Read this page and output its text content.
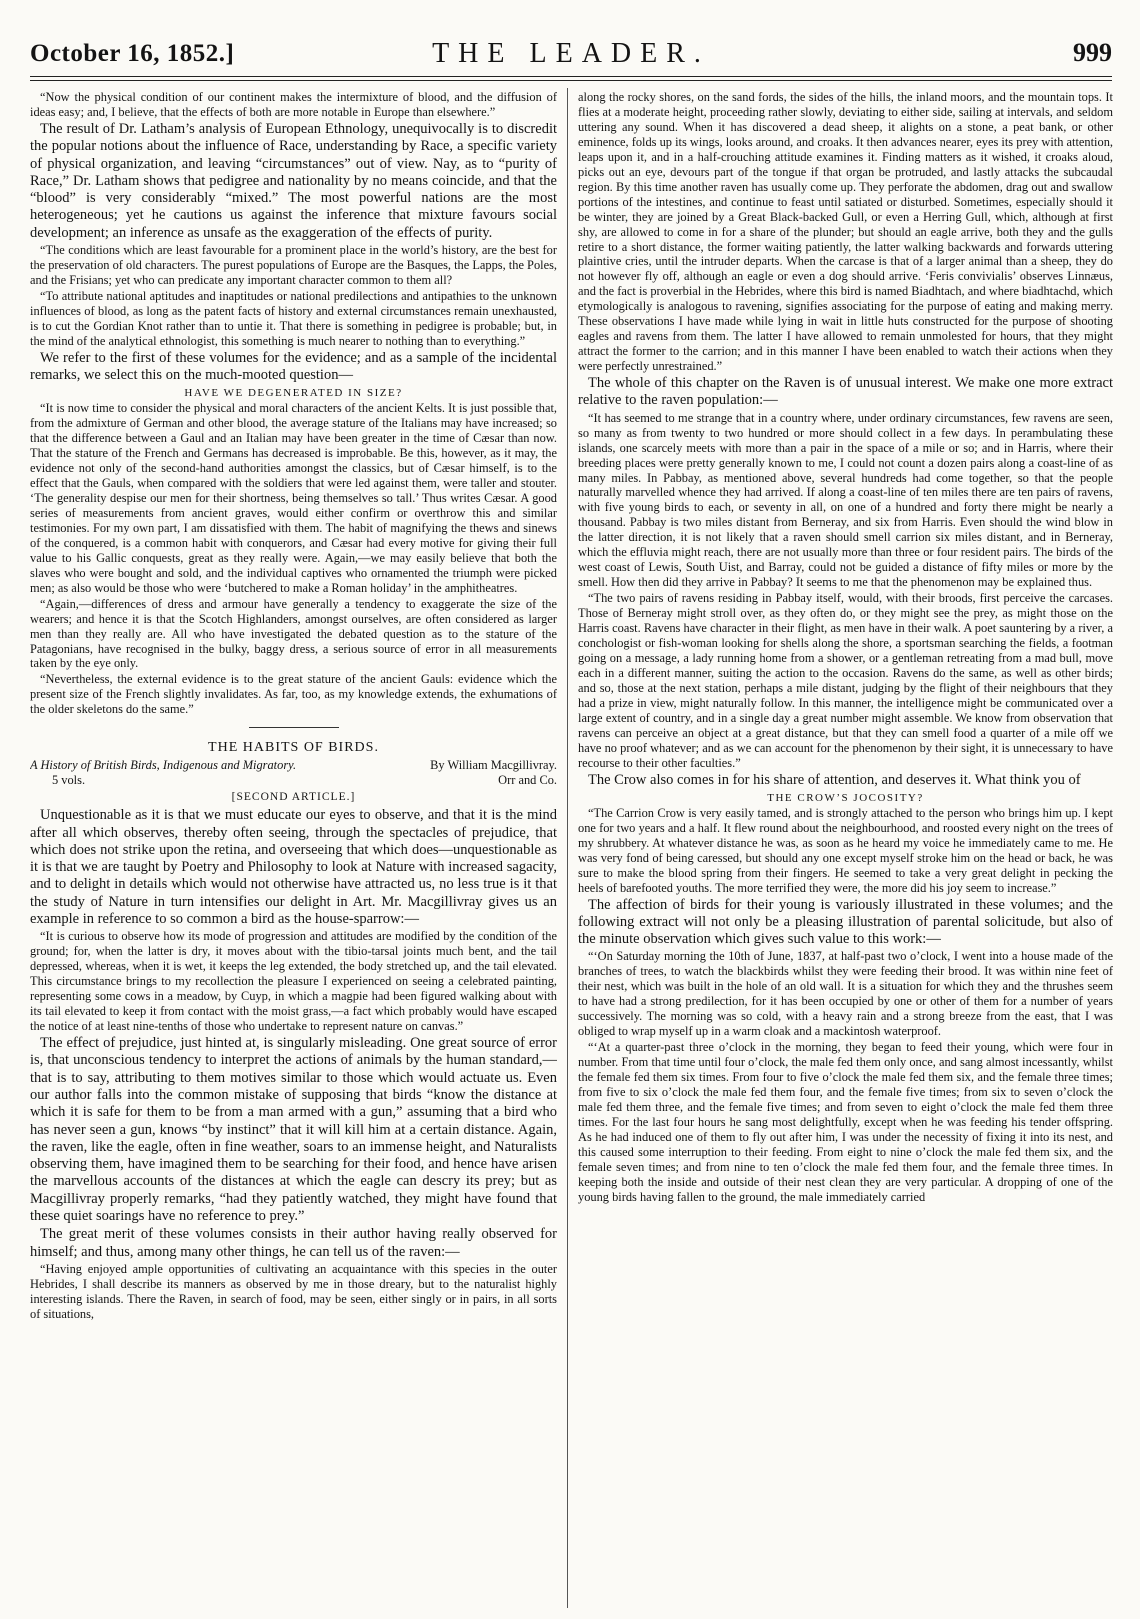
October 16, 1852.]	THE LEADER.	999

“Now the physical condition of our continent makes the intermixture of blood, and the diffusion of ideas easy; and, I believe, that the effects of both are more notable in Europe than elsewhere.”

The result of Dr. Latham’s analysis of European Ethnology, unequivocally is to discredit the popular notions about the influence of Race, understanding by Race, a specific variety of physical organization, and leaving “circumstances” out of view. Nay, as to “purity of Race,” Dr. Latham shows that pedigree and nationality by no means coincide, and that the “blood” is very considerably “mixed.” The most powerful nations are the most heterogeneous; yet he cautions us against the inference that mixture favours social development; an inference as unsafe as the exaggeration of the effects of purity.

“The conditions which are least favourable for a prominent place in the world’s history, are the best for the preservation of old characters. The purest populations of Europe are the Basques, the Lapps, the Poles, and the Frisians; yet who can predicate any important character common to them all?

“To attribute national aptitudes and inaptitudes or national predilections and antipathies to the unknown influences of blood, as long as the patent facts of history and external circumstances remain unexhausted, is to cut the Gordian Knot rather than to untie it. That there is something in pedigree is probable; but, in the mind of the analytical ethnologist, this something is much nearer to nothing than to everything.”

We refer to the first of these volumes for the evidence; and as a sample of the incidental remarks, we select this on the much-mooted question—

HAVE WE DEGENERATED IN SIZE?

“It is now time to consider the physical and moral characters of the ancient Kelts. It is just possible that, from the admixture of German and other blood, the average stature of the Italians may have increased; so that the difference between a Gaul and an Italian may have been greater in the time of Cæsar than now. That the stature of the French and Germans has decreased is improbable. Be this, however, as it may, the evidence not only of the second-hand authorities amongst the classics, but of Cæsar himself, is to the effect that the Gauls, when compared with the soldiers that were led against them, were taller and stouter. ‘The generality despise our men for their shortness, being themselves so tall.’ Thus writes Cæsar. A good series of measurements from ancient graves, would either confirm or overthrow this and similar testimonies. For my own part, I am dissatisfied with them. The habit of magnifying the thews and sinews of the conquered, is a common habit with conquerors, and Cæsar had every motive for giving their full value to his Gallic conquests, great as they really were. Again,—we may easily believe that both the slaves who were bought and sold, and the individual captives who ornamented the triumph were picked men; as also would be those who were ‘butchered to make a Roman holiday’ in the amphitheatres.

“Again,—differences of dress and armour have generally a tendency to exaggerate the size of the wearers; and hence it is that the Scotch Highlanders, amongst ourselves, are often considered as larger men than they really are. All who have investigated the debated question as to the stature of the Patagonians, have recognised in the bulky, baggy dress, a serious source of error in all measurements taken by the eye only.

“Nevertheless, the external evidence is to the great stature of the ancient Gauls: evidence which the present size of the French slightly invalidates. As far, too, as my knowledge extends, the exhumations of the older skeletons do the same.”

THE HABITS OF BIRDS.
A History of British Birds, Indigenous and Migratory.	By William Macgillivray.
5 vols.	Orr and Co.
[SECOND ARTICLE.]

Unquestionable as it is that we must educate our eyes to observe, and that it is the mind after all which observes, thereby often seeing, through the spectacles of prejudice, that which does not strike upon the retina, and overseeing that which does—unquestionable as it is that we are taught by Poetry and Philosophy to look at Nature with increased sagacity, and to delight in details which would not otherwise have attracted us, no less true is it that the study of Nature in turn intensifies our delight in Art. Mr. Macgillivray gives us an example in reference to so common a bird as the house-sparrow:—

“It is curious to observe how its mode of progression and attitudes are modified by the condition of the ground; for, when the latter is dry, it moves about with the tibio-tarsal joints much bent, and the tail depressed, whereas, when it is wet, it keeps the leg extended, the body stretched up, and the tail elevated. This circumstance brings to my recollection the pleasure I experienced on seeing a celebrated painting, representing some cows in a meadow, by Cuyp, in which a magpie had been figured walking about with its tail elevated to keep it from contact with the moist grass,—a fact which probably would have escaped the notice of at least nine-tenths of those who undertake to represent nature on canvas.”

The effect of prejudice, just hinted at, is singularly misleading. One great source of error is, that unconscious tendency to interpret the actions of animals by the human standard,—that is to say, attributing to them motives similar to those which would actuate us. Even our author falls into the common mistake of supposing that birds “know the distance at which it is safe for them to be from a man armed with a gun,” assuming that a bird who has never seen a gun, knows “by instinct” that it will kill him at a certain distance. Again, the raven, like the eagle, often in fine weather, soars to an immense height, and Naturalists observing them, have imagined them to be searching for their food, and hence have arisen the marvellous accounts of the distances at which the eagle can descry its prey; but as Macgillivray properly remarks, “had they patiently watched, they might have found that these quiet soarings have no reference to prey.”

The great merit of these volumes consists in their author having really observed for himself; and thus, among many other things, he can tell us of the raven:—

“Having enjoyed ample opportunities of cultivating an acquaintance with this species in the outer Hebrides, I shall describe its manners as observed by me in those dreary, but to the naturalist highly interesting islands. There the Raven, in search of food, may be seen, either singly or in pairs, in all sorts of situations,

along the rocky shores, on the sand fords, the sides of the hills, the inland moors, and the mountain tops. It flies at a moderate height, proceeding rather slowly, deviating to either side, sailing at intervals, and seldom uttering any sound. When it has discovered a dead sheep, it alights on a stone, a peat bank, or other eminence, folds up its wings, looks around, and croaks. It then advances nearer, eyes its prey with attention, leaps upon it, and in a half-crouching attitude examines it. Finding matters as it wished, it croaks aloud, picks out an eye, devours part of the tongue if that organ be protruded, and lastly attacks the subcaudal region. By this time another raven has usually come up. They perforate the abdomen, drag out and swallow portions of the intestines, and continue to feast until satiated or disturbed. Sometimes, especially should it be winter, they are joined by a Great Black-backed Gull, or even a Herring Gull, which, although at first shy, are allowed to come in for a share of the plunder; but should an eagle arrive, both they and the gulls retire to a short distance, the former waiting patiently, the latter walking backwards and forwards uttering plaintive cries, until the intruder departs. When the carcase is that of a larger animal than a sheep, they do not however fly off, although an eagle or even a dog should arrive. ‘Feris convivialis’ observes Linnæus, and the fact is proverbial in the Hebrides, where this bird is named Biadhtach, and where biadhtachd, which etymologically is analogous to ravening, signifies associating for the purpose of eating and making merry. These observations I have made while lying in wait in little huts constructed for the purpose of shooting eagles and ravens from them. The latter I have allowed to remain unmolested for hours, that they might attract the former to the carrion; and in this manner I have been enabled to watch their actions when they were perfectly unrestrained.”

The whole of this chapter on the Raven is of unusual interest. We make one more extract relative to the raven population:—

“It has seemed to me strange that in a country where, under ordinary circumstances, few ravens are seen, so many as from twenty to two hundred or more should collect in a few days. In perambulating these islands, one scarcely meets with more than a pair in the space of a mile or so; and in Harris, where their breeding places were pretty generally known to me, I could not count a dozen pairs along a coast-line of as many miles. In Pabbay, as mentioned above, several hundreds had come together, so that the people naturally marvelled whence they had arrived. If along a coast-line of ten miles there are ten pairs of ravens, with five young birds to each, or seventy in all, on one of a hundred and forty there might be nearly a thousand. Pabbay is two miles distant from Berneray, and six from Harris. Even should the wind blow in the latter direction, it is not likely that a raven should smell carrion six miles distant, and in Berneray, which the effluvia might reach, there are not usually more than three or four resident pairs. The birds of the west coast of Lewis, South Uist, and Barray, could not be guided a distance of fifty miles or more by the smell. How then did they arrive in Pabbay? It seems to me that the phenomenon may be explained thus.

“The two pairs of ravens residing in Pabbay itself, would, with their broods, first perceive the carcases. Those of Berneray might stroll over, as they often do, or they might see the prey, as might those on the Harris coast. Ravens have character in their flight, as men have in their walk. A poet sauntering by a river, a conchologist or fish-woman looking for shells along the shore, a sportsman searching the fields, a footman going on a message, a lady running home from a shower, or a gentleman retreating from a mad bull, move each in a different manner, suiting the action to the occasion. Ravens do the same, as well as other birds; and so, those at the next station, perhaps a mile distant, judging by the flight of their neighbours that they had a prize in view, might naturally follow. In this manner, the intelligence might be communicated over a large extent of country, and in a single day a great number might assemble. We know from observation that ravens can perceive an object at a great distance, but that they can smell food a quarter of a mile off we have no proof whatever; and as we can account for the phenomenon by their sight, it is unnecessary to have recourse to their other faculties.”

The Crow also comes in for his share of attention, and deserves it. What think you of

THE CROW’S JOCOSITY?

“The Carrion Crow is very easily tamed, and is strongly attached to the person who brings him up. I kept one for two years and a half. It flew round about the neighbourhood, and roosted every night on the trees of my shrubbery. At whatever distance he was, as soon as he heard my voice he immediately came to me. He was very fond of being caressed, but should any one except myself stroke him on the head or back, he was sure to make the blood spring from their fingers. He seemed to take a very great delight in pecking the heels of barefooted youths. The more terrified they were, the more did his joy seem to increase.”

The affection of birds for their young is variously illustrated in these volumes; and the following extract will not only be a pleasing illustration of parental solicitude, but also of the minute observation which gives such value to this work:—

“‘On Saturday morning the 10th of June, 1837, at half-past two o’clock, I went into a house made of the branches of trees, to watch the blackbirds whilst they were feeding their brood. It was within nine feet of their nest, which was built in the hole of an old wall. It is a situation for which they and the thrushes seem to have had a strong predilection, for it has been occupied by one or other of them for a number of years successively. The morning was so cold, with a heavy rain and a strong breeze from the east, that I was obliged to wrap myself up in a warm cloak and a mackintosh waterproof.

“‘At a quarter-past three o’clock in the morning, they began to feed their young, which were four in number. From that time until four o’clock, the male fed them only once, and sang almost incessantly, whilst the female fed them six times. From four to five o’clock the male fed them six, and the female three times; from five to six o’clock the male fed them four, and the female five times; from six to seven o’clock the male fed them three, and the female five times; and from seven to eight o’clock the male fed them three times. For the last four hours he sang most delightfully, except when he was feeding his tender offspring. As he had induced one of them to fly out after him, I was under the necessity of fixing it into its nest, and this caused some interruption to their feeding. From eight to nine o’clock the male fed them six, and the female seven times; and from nine to ten o’clock the male fed them four, and the female three times. In keeping both the inside and outside of their nest clean they are very particular. A dropping of one of the young birds having fallen to the ground, the male immediately carried
